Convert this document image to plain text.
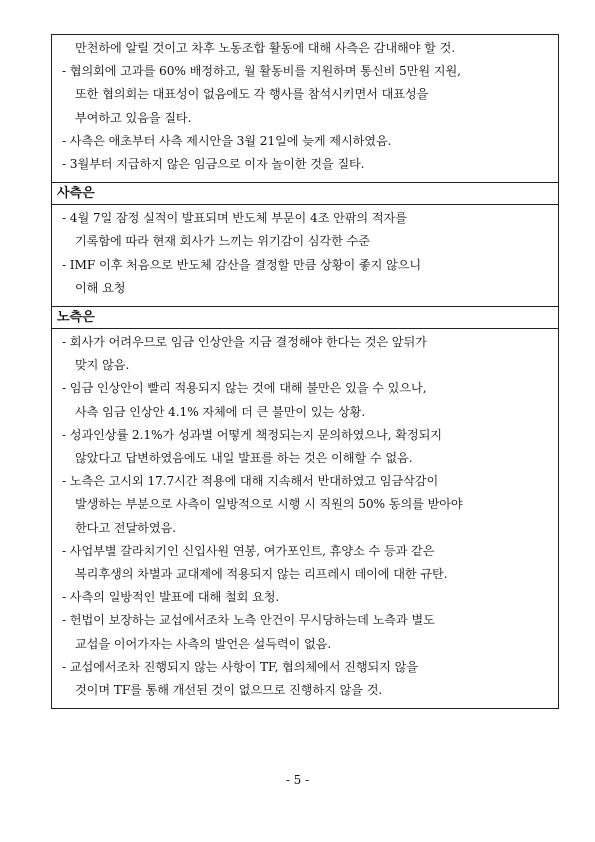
만천하에 알릴 것이고 차후 노동조합 활동에 대해 사측은 감내해야 할 것.
- 협의회에 고과를 60% 배정하고, 월 활동비를 지원하며 통신비 5만원 지원,
또한 협의회는 대표성이 없음에도 각 행사를 참석시키면서 대표성을
부여하고 있음을 질타.
- 사측은 애초부터 사측 제시안을 3월 21일에 늦게 제시하였음.
- 3월부터 지급하지 않은 임금으로 이자 놀이한 것을 질타.
사측은
- 4월 7일 잠정 실적이 발표되며 반도체 부문이 4조 안팎의 적자를
기록함에 따라 현재 회사가 느끼는 위기감이 심각한 수준
- IMF 이후 처음으로 반도체 감산을 결정할 만큼 상황이 좋지 않으니
이해 요청
노측은
- 회사가 어려우므로 임금 인상안을 지금 결정해야 한다는 것은 앞뒤가
맞지 않음.
- 임금 인상안이 빨리 적용되지 않는 것에 대해 불만은 있을 수 있으나,
사측 임금 인상안 4.1% 자체에 더 큰 불만이 있는 상황.
- 성과인상률 2.1%가 성과별 어떻게 책정되는지 문의하였으나, 확정되지
않았다고 답변하였음에도 내일 발표를 하는 것은 이해할 수 없음.
- 노측은 고시외 17.7시간 적용에 대해 지속해서 반대하였고 임금삭감이
발생하는 부분으로 사측이 일방적으로 시행 시 직원의 50% 동의를 받아야
한다고 전달하였음.
- 사업부별 갈라치기인 신입사원 연봉, 여가포인트, 휴양소 수 등과 같은
복리후생의 차별과 교대제에 적용되지 않는 리프레시 데이에 대한 규탄.
- 사측의 일방적인 발표에 대해 철회 요청.
- 헌법이 보장하는 교섭에서조차 노측 안건이 무시당하는데 노측과 별도
교섭을 이어가자는 사측의 발언은 설득력이 없음.
- 교섭에서조차 진행되지 않는 사항이 TF, 협의체에서 진행되지 않을
것이며 TF를 통해 개선된 것이 없으므로 진행하지 않을 것.
- 5 -
